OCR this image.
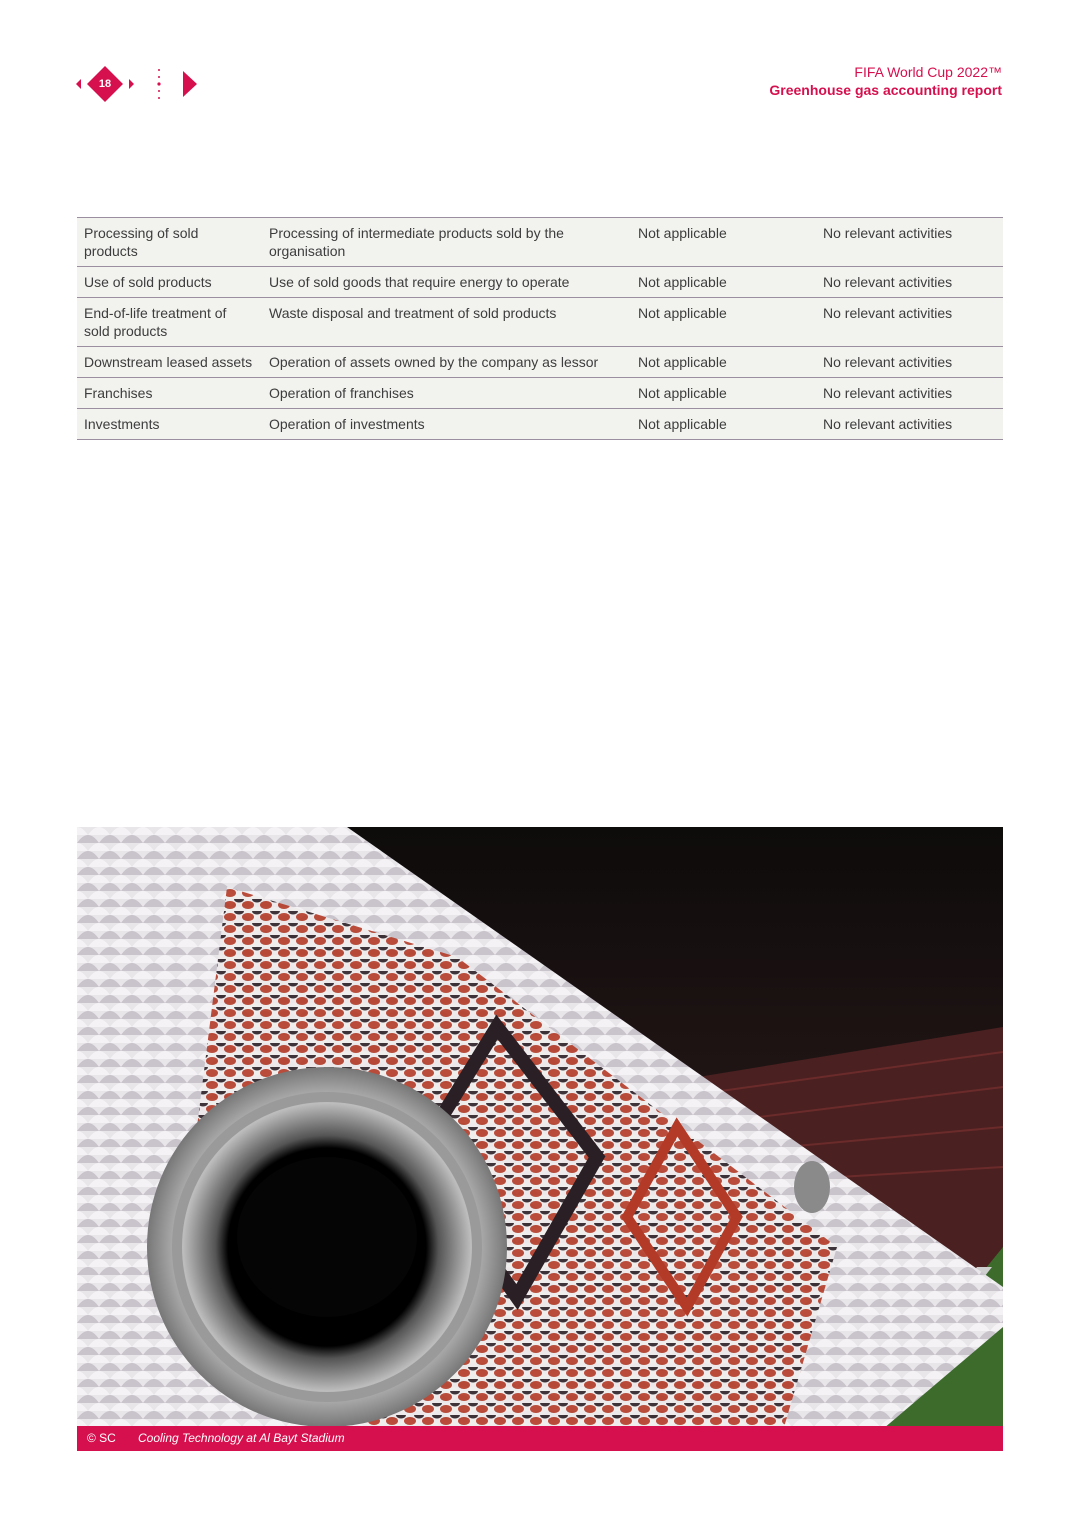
18
FIFA World Cup 2022™
Greenhouse gas accounting report
Processing of sold products	Processing of intermediate products sold by the organisation	Not applicable	No relevant activities
Use of sold products	Use of sold goods that require energy to operate	Not applicable	No relevant activities
End-of-life treatment of sold products	Waste disposal and treatment of sold products	Not applicable	No relevant activities
Downstream leased assets	Operation of assets owned by the company as lessor	Not applicable	No relevant activities
Franchises	Operation of franchises	Not applicable	No relevant activities
Investments	Operation of investments	Not applicable	No relevant activities
© SC Cooling Technology at Al Bayt Stadium
